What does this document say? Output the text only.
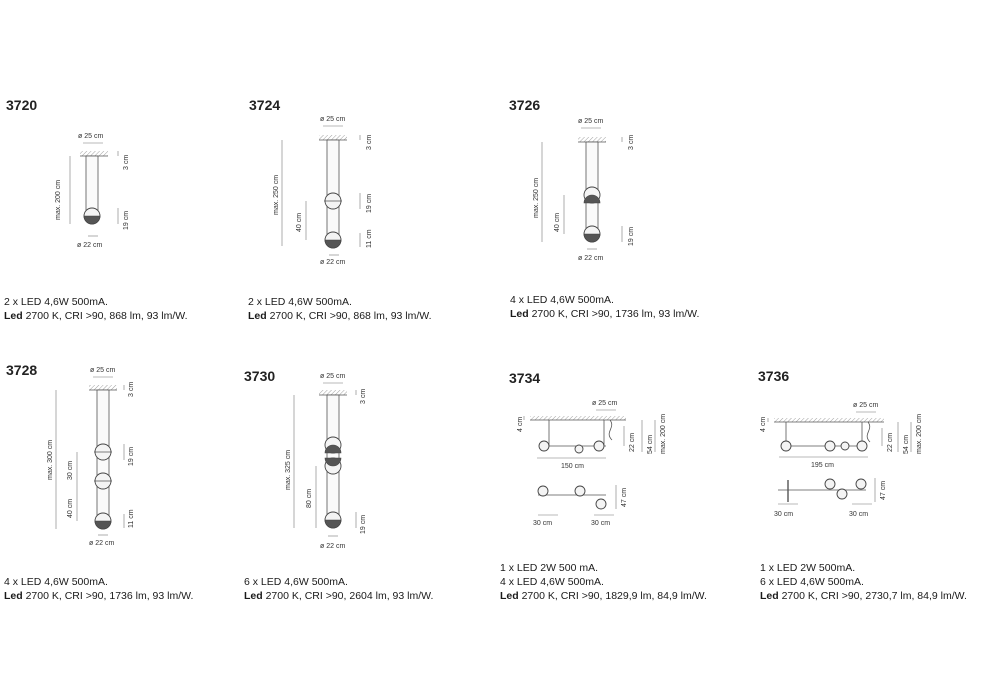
3720	3724	3726
3728	3730	3734	3736
2 x LED 4,6W 500mA.
Led 2700 K, CRI >90, 868 lm, 93 lm/W.
2 x LED 4,6W 500mA.
Led 2700 K, CRI >90, 868 lm, 93 lm/W.
4 x LED 4,6W 500mA.
Led 2700 K, CRI >90, 1736 lm, 93 lm/W.
4 x LED 4,6W 500mA.
Led 2700 K, CRI >90, 1736 lm, 93 lm/W.
6 x LED 4,6W 500mA.
Led 2700 K, CRI >90, 2604 lm, 93 lm/W.
1 x LED 2W 500 mA.
4 x LED 4,6W 500mA.
Led 2700 K, CRI >90, 1829,9 lm, 84,9 lm/W.
1 x LED 2W 500mA.
6 x LED 4,6W 500mA.
Led 2700 K, CRI >90, 2730,7 lm, 84,9 lm/W.
ø 25 cm
ø 22 cm
max. 200 cm
3 cm
19 cm
ø 25 cm
ø 22 cm
max. 250 cm
40 cm
3 cm
19 cm
11 cm
ø 25 cm
ø 22 cm
max. 250 cm
40 cm
3 cm
19 cm
ø 25 cm
ø 22 cm
max. 300 cm 30 cm
40 cm
3 cm
19 cm
11 cm
ø 25 cm
ø 22 cm
max. 325 cm
80 cm
3 cm
19 cm
ø 25 cm
4 cm
150 cm
22 cm 54 cm max. 200 cm
47 cm
30 cm	30 cm
ø 25 cm
4 cm
195 cm
22 cm 54 cm max. 200 cm
47 cm
30 cm	30 cm
